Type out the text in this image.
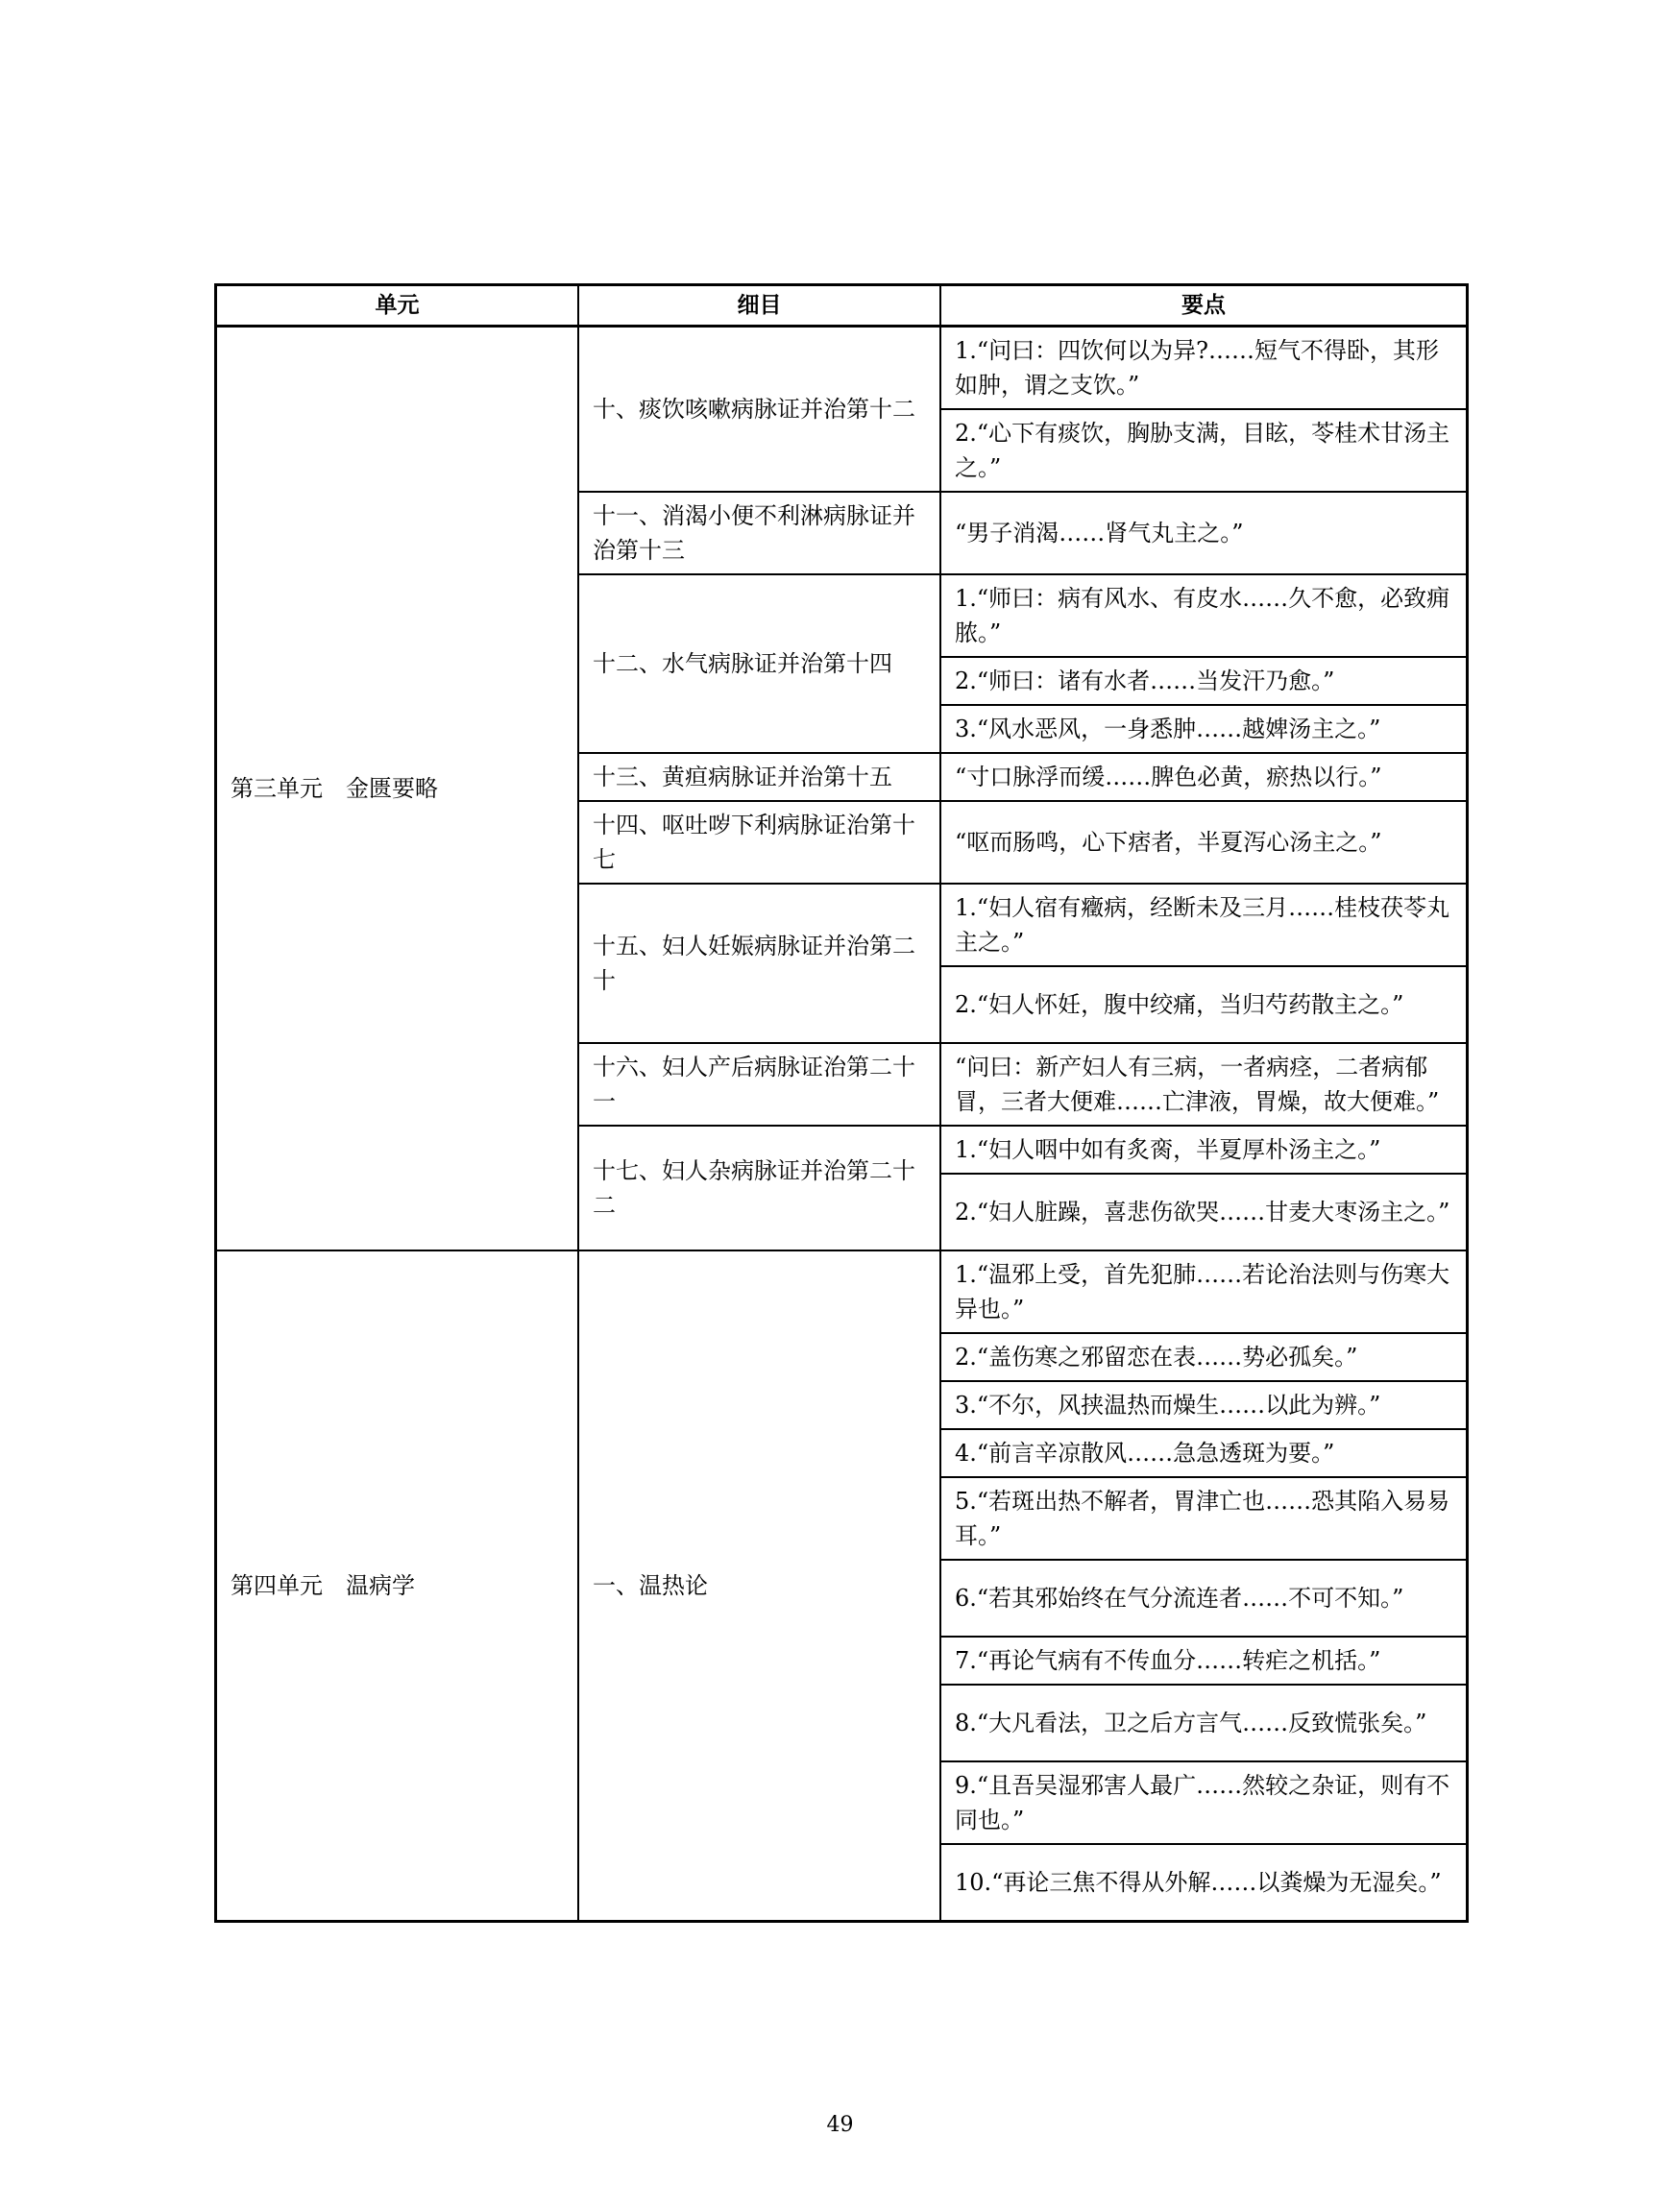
单元	细目	要点
第三单元　金匮要略	十、痰饮咳嗽病脉证并治第十二	1.“问曰：四饮何以为异?……短气不得卧，其形如肿，谓之支饮。”
		2.“心下有痰饮，胸胁支满，目眩，苓桂术甘汤主之。”
	十一、消渴小便不利淋病脉证并治第十三	“男子消渴……肾气丸主之。”
	十二、水气病脉证并治第十四	1.“师曰：病有风水、有皮水……久不愈，必致痈脓。”
		2.“师曰：诸有水者……当发汗乃愈。”
		3.“风水恶风，一身悉肿……越婢汤主之。”
	十三、黄疸病脉证并治第十五	“寸口脉浮而缓……脾色必黄，瘀热以行。”
	十四、呕吐哕下利病脉证治第十七	“呕而肠鸣，心下痞者，半夏泻心汤主之。”
	十五、妇人妊娠病脉证并治第二十	1.“妇人宿有癥病，经断未及三月……桂枝茯苓丸主之。”
		2.“妇人怀妊，腹中绞痛，当归芍药散主之。”
	十六、妇人产后病脉证治第二十一	“问曰：新产妇人有三病，一者病痉，二者病郁冒，三者大便难……亡津液，胃燥，故大便难。”
	十七、妇人杂病脉证并治第二十二	1.“妇人咽中如有炙脔，半夏厚朴汤主之。”
		2.“妇人脏躁，喜悲伤欲哭……甘麦大枣汤主之。”
第四单元　温病学	一、温热论	1.“温邪上受，首先犯肺……若论治法则与伤寒大异也。”
		2.“盖伤寒之邪留恋在表……势必孤矣。”
		3.“不尔，风挟温热而燥生……以此为辨。”
		4.“前言辛凉散风……急急透斑为要。”
		5.“若斑出热不解者，胃津亡也……恐其陷入易易耳。”
		6.“若其邪始终在气分流连者……不可不知。”
		7.“再论气病有不传血分……转疟之机括。”
		8.“大凡看法，卫之后方言气……反致慌张矣。”
		9.“且吾吴湿邪害人最广……然较之杂证，则有不同也。”
		10.“再论三焦不得从外解……以粪燥为无湿矣。”
49
